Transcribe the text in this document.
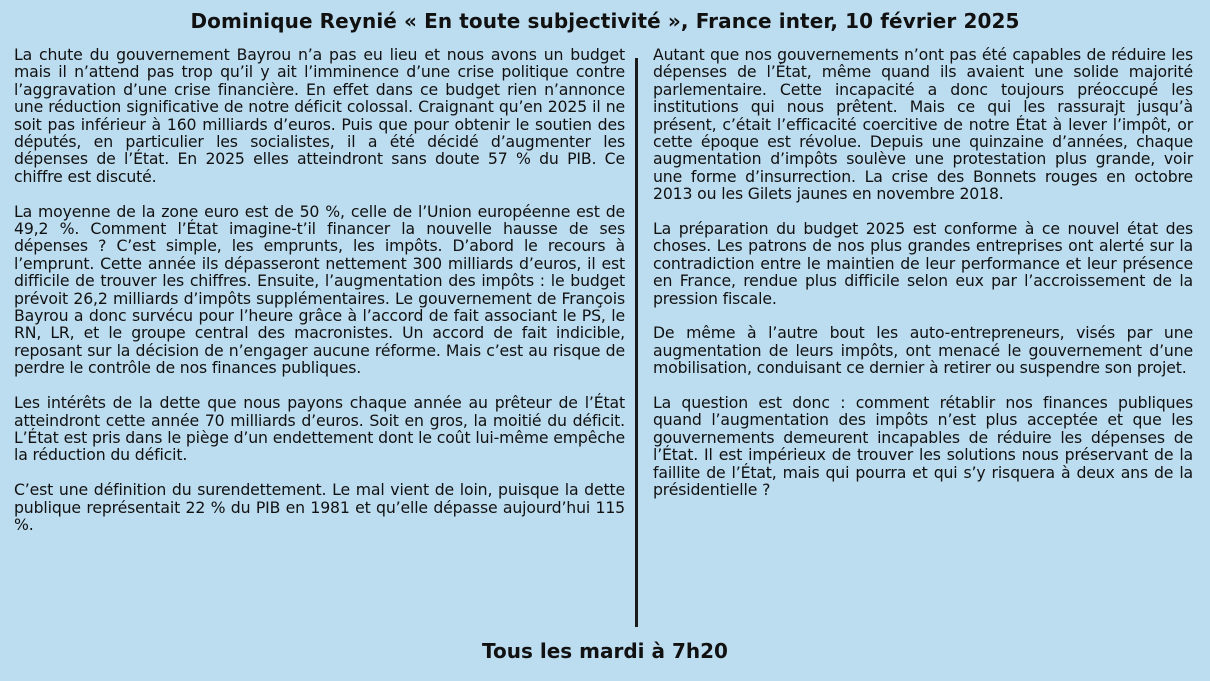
Dominique Reynié « En toute subjectivité », France inter, 10 février 2025

La chute du gouvernement Bayrou n’a pas eu lieu et nous avons un budget mais il n’attend pas trop qu’il y ait l’imminence d’une crise politique contre l’aggravation d’une crise financière. En effet dans ce budget rien n’annonce une réduction significative de notre déficit colossal. Craignant qu’en 2025 il ne soit pas inférieur à 160 milliards d’euros. Puis que pour obtenir le soutien des députés, en particulier les socialistes, il a été décidé d’augmenter les dépenses de l’État. En 2025 elles atteindront sans doute 57 % du PIB. Ce chiffre est discuté.

La moyenne de la zone euro est de 50 %, celle de l’Union européenne est de 49,2 %. Comment l’État imagine-t’il financer la nouvelle hausse de ses dépenses ? C’est simple, les emprunts, les impôts. D’abord le recours à l’emprunt. Cette année ils dépasseront nettement 300 milliards d’euros, il est difficile de trouver les chiffres. Ensuite, l’augmentation des impôts : le budget prévoit 26,2 milliards d’impôts supplémentaires. Le gouvernement de François Bayrou a donc survécu pour l’heure grâce à l’accord de fait associant le PS, le RN, LR, et le groupe central des macronistes. Un accord de fait indicible, reposant sur la décision de n’engager aucune réforme. Mais c’est au risque de perdre le contrôle de nos finances publiques.

Les intérêts de la dette que nous payons chaque année au prêteur de l’État atteindront cette année 70 milliards d’euros. Soit en gros, la moitié du déficit. L’État est pris dans le piège d’un endettement dont le coût lui-même empêche la réduction du déficit.

C’est une définition du surendettement. Le mal vient de loin, puisque la dette publique représentait 22 % du PIB en 1981 et qu’elle dépasse aujourd’hui 115 %.

Autant que nos gouvernements n’ont pas été capables de réduire les dépenses de l’État, même quand ils avaient une solide majorité parlementaire. Cette incapacité a donc toujours préoccupé les institutions qui nous prêtent. Mais ce qui les rassurajt jusqu’à présent, c’était l’efficacité coercitive de notre État à lever l’impôt, or cette époque est révolue. Depuis une quinzaine d’années, chaque augmentation d’impôts soulève une protestation plus grande, voir une forme d’insurrection. La crise des Bonnets rouges en octobre 2013 ou les Gilets jaunes en novembre 2018.

La préparation du budget 2025 est conforme à ce nouvel état des choses. Les patrons de nos plus grandes entreprises ont alerté sur la contradiction entre le maintien de leur performance et leur présence en France, rendue plus difficile selon eux par l’accroissement de la pression fiscale.

De même à l’autre bout les auto-entrepreneurs, visés par une augmentation de leurs impôts, ont menacé le gouvernement d’une mobilisation, conduisant ce dernier à retirer ou suspendre son projet.

La question est donc : comment rétablir nos finances publiques quand l’augmentation des impôts n’est plus acceptée et que les gouvernements demeurent incapables de réduire les dépenses de l’État. Il est impérieux de trouver les solutions nous préservant de la faillite de l’État, mais qui pourra et qui s’y risquera à deux ans de la présidentielle ?

Tous les mardi à 7h20
